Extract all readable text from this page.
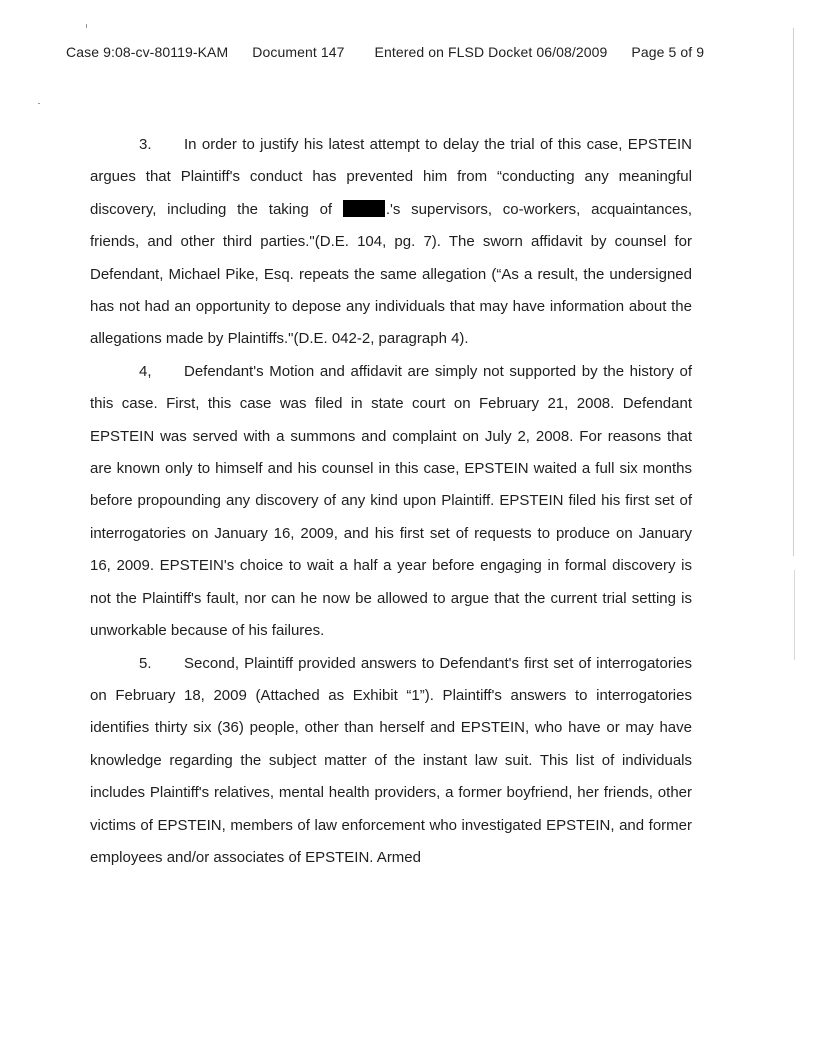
Case 9:08-cv-80119-KAM Document 147 Entered on FLSD Docket 06/08/2009 Page 5 of 9

3. In order to justify his latest attempt to delay the trial of this case, EPSTEIN argues that Plaintiff's conduct has prevented him from “conducting any meaningful discovery, including the taking of	.'s supervisors, co-workers, acquaintances, friends, and other third parties."(D.E. 104, pg. 7). The sworn affidavit by counsel for Defendant, Michael Pike, Esq. repeats the same allegation (“As a result, the undersigned has not had an opportunity to depose any individuals that may have information about the allegations made by Plaintiffs."(D.E. 042-2, paragraph 4).

4, Defendant's Motion and affidavit are simply not supported by the history of this case. First, this case was filed in state court on February 21, 2008. Defendant EPSTEIN was served with a summons and complaint on July 2, 2008. For reasons that are known only to himself and his counsel in this case, EPSTEIN waited a full six months before propounding any discovery of any kind upon Plaintiff. EPSTEIN filed his first set of interrogatories on January 16, 2009, and his first set of requests to produce on January 16, 2009. EPSTEIN's choice to wait a half a year before engaging in formal discovery is not the Plaintiff's fault, nor can he now be allowed to argue that the current trial setting is unworkable because of his failures.

5. Second, Plaintiff provided answers to Defendant's first set of interrogatories on February 18, 2009 (Attached as Exhibit “1”). Plaintiff's answers to interrogatories identifies thirty six (36) people, other than herself and EPSTEIN, who have or may have knowledge regarding the subject matter of the instant law suit. This list of individuals includes Plaintiff's relatives, mental health providers, a former boyfriend, her friends, other victims of EPSTEIN, members of law enforcement who investigated EPSTEIN, and former employees and/or associates of EPSTEIN. Armed
